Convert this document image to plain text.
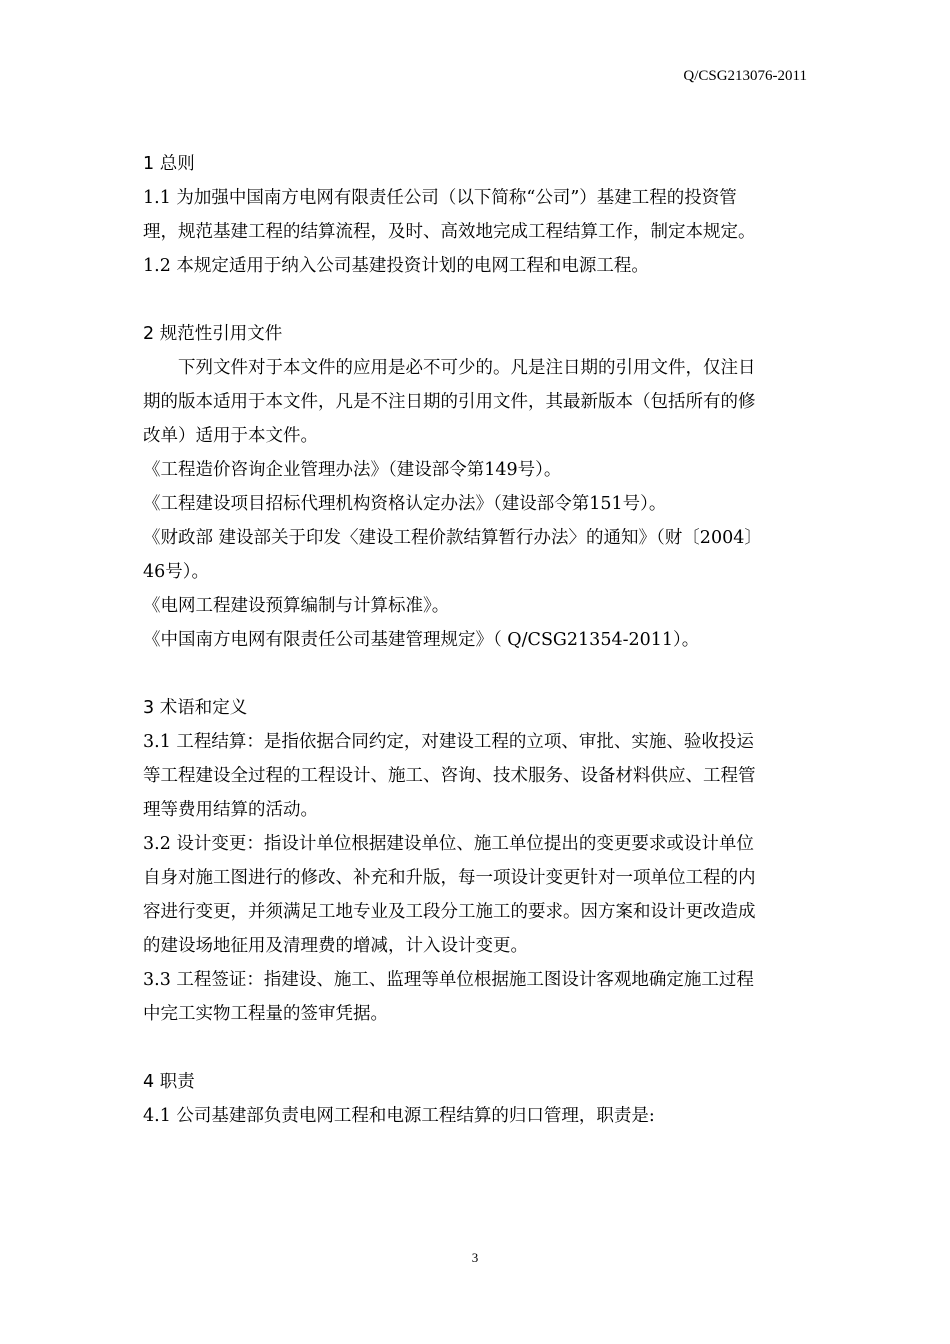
Q/CSG213076-2011
1 总则
1.1 为加强中国南方电网有限责任公司（以下简称“公司”）基建工程的投资管
理，规范基建工程的结算流程，及时、高效地完成工程结算工作，制定本规定。
1.2 本规定适用于纳入公司基建投资计划的电网工程和电源工程。
2 规范性引用文件
下列文件对于本文件的应用是必不可少的。凡是注日期的引用文件，仅注日
期的版本适用于本文件，凡是不注日期的引用文件，其最新版本（包括所有的修
改单）适用于本文件。
《工程造价咨询企业管理办法》（建设部令第149号）。
《工程建设项目招标代理机构资格认定办法》（建设部令第151号）。
《财政部 建设部关于印发〈建设工程价款结算暂行办法〉的通知》（财〔2004〕
46号）。
《电网工程建设预算编制与计算标准》。
《中国南方电网有限责任公司基建管理规定》（ Q/CSG21354-2011）。
3 术语和定义
3.1 工程结算：是指依据合同约定，对建设工程的立项、审批、实施、验收投运
等工程建设全过程的工程设计、施工、咨询、技术服务、设备材料供应、工程管
理等费用结算的活动。
3.2 设计变更：指设计单位根据建设单位、施工单位提出的变更要求或设计单位
自身对施工图进行的修改、补充和升版，每一项设计变更针对一项单位工程的内
容进行变更，并须满足工地专业及工段分工施工的要求。因方案和设计更改造成
的建设场地征用及清理费的增减，计入设计变更。
3.3 工程签证：指建设、施工、监理等单位根据施工图设计客观地确定施工过程
中完工实物工程量的签审凭据。
4 职责
4.1 公司基建部负责电网工程和电源工程结算的归口管理，职责是:
3
